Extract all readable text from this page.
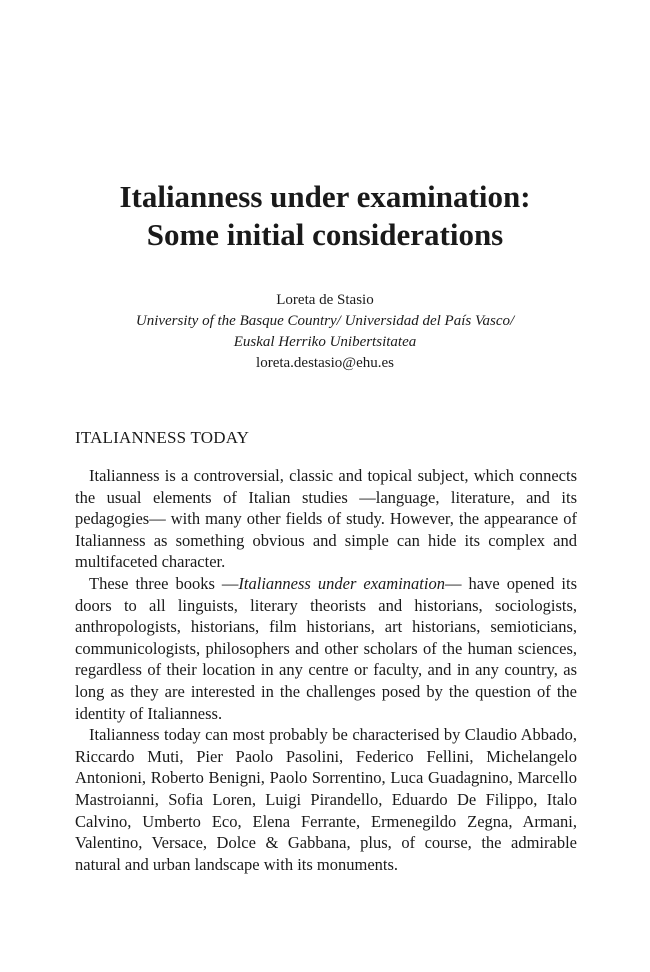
Italianness under examination:
Some initial considerations
Loreta de Stasio
University of the Basque Country/ Universidad del País Vasco/
Euskal Herriko Unibertsitatea
loreta.destasio@ehu.es
ITALIANNESS TODAY

Italianness is a controversial, classic and topical subject, which connects the usual elements of Italian studies —language, literature, and its pedagogies— with many other fields of study. However, the appearance of Italianness as something obvious and simple can hide its complex and multifaceted character.

These three books —Italianness under examination— have opened its doors to all linguists, literary theorists and historians, sociologists, anthropologists, historians, film historians, art historians, semioticians, communicologists, philosophers and other scholars of the human sciences, regardless of their location in any centre or faculty, and in any country, as long as they are interested in the challenges posed by the question of the identity of Italianness.

Italianness today can most probably be characterised by Claudio Abbado, Riccardo Muti, Pier Paolo Pasolini, Federico Fellini, Michelangelo Antonioni, Roberto Benigni, Paolo Sorrentino, Luca Guadagnino, Marcello Mastroianni, Sofia Loren, Luigi Pirandello, Eduardo De Filippo, Italo Calvino, Umberto Eco, Elena Ferrante, Ermenegildo Zegna, Armani, Valentino, Versace, Dolce & Gabbana, plus, of course, the admirable natural and urban landscape with its monuments.
